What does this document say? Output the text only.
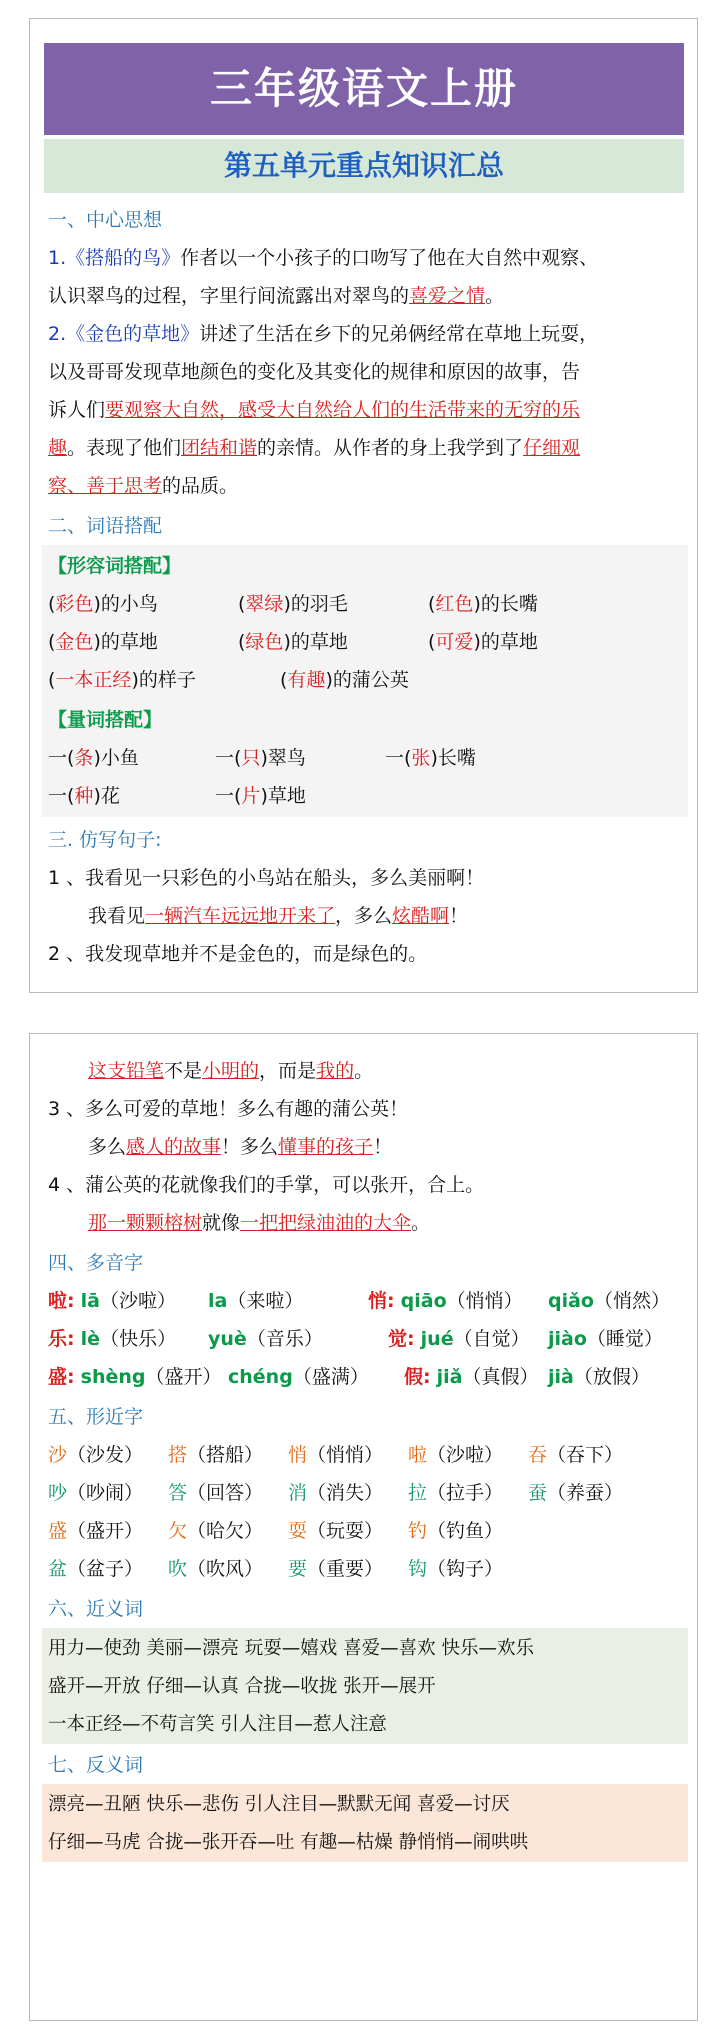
三年级语文上册
第五单元重点知识汇总
一、中心思想
1.《搭船的鸟》作者以一个小孩子的口吻写了他在大自然中观察、
认识翠鸟的过程，字里行间流露出对翠鸟的喜爱之情。
2.《金色的草地》讲述了生活在乡下的兄弟俩经常在草地上玩耍，
以及哥哥发现草地颜色的变化及其变化的规律和原因的故事，告
诉人们要观察大自然，感受大自然给人们的生活带来的无穷的乐
趣。表现了他们团结和谐的亲情。从作者的身上我学到了仔细观
察、善于思考的品质。
二、词语搭配
【形容词搭配】
(彩色)的小鸟	(翠绿)的羽毛	(红色)的长嘴
(金色)的草地	(绿色)的草地	(可爱)的草地
(一本正经)的样子	(有趣)的蒲公英
【量词搭配】
一(条)小鱼	一(只)翠鸟	一(张)长嘴
一(种)花	一(片)草地
三. 仿写句子:
1 、我看见一只彩色的小鸟站在船头，多么美丽啊！
我看见一辆汽车远远地开来了，多么炫酷啊！
2 、我发现草地并不是金色的，而是绿色的。
这支铅笔不是小明的，而是我的。
3 、多么可爱的草地！多么有趣的蒲公英！
多么感人的故事！多么懂事的孩子！
4 、蒲公英的花就像我们的手掌，可以张开，合上。
那一颗颗榕树就像一把把绿油油的大伞。
四、多音字
啦: lā（沙啦） la（来啦）	悄: qiāo（悄悄） qiǎo（悄然）
乐: lè（快乐） yuè（音乐）	觉: jué（自觉） jiào（睡觉）
盛: shèng（盛开） chéng（盛满） 假: jiǎ（真假） jià（放假）
五、形近字
沙（沙发） 搭（搭船） 悄（悄悄） 啦（沙啦） 吞（吞下）
吵（吵闹） 答（回答） 消（消失） 拉（拉手） 蚕（养蚕）
盛（盛开） 欠（哈欠） 耍（玩耍） 钓（钓鱼）
盆（盆子） 吹（吹风） 要（重要） 钩（钩子）
六、近义词
用力—使劲 美丽—漂亮 玩耍—嬉戏 喜爱—喜欢 快乐—欢乐
盛开—开放 仔细—认真 合拢—收拢 张开—展开
一本正经—不苟言笑 引人注目—惹人注意
七、反义词
漂亮—丑陋 快乐—悲伤 引人注目—默默无闻 喜爱—讨厌
仔细—马虎 合拢—张开吞—吐 有趣—枯燥 静悄悄—闹哄哄
